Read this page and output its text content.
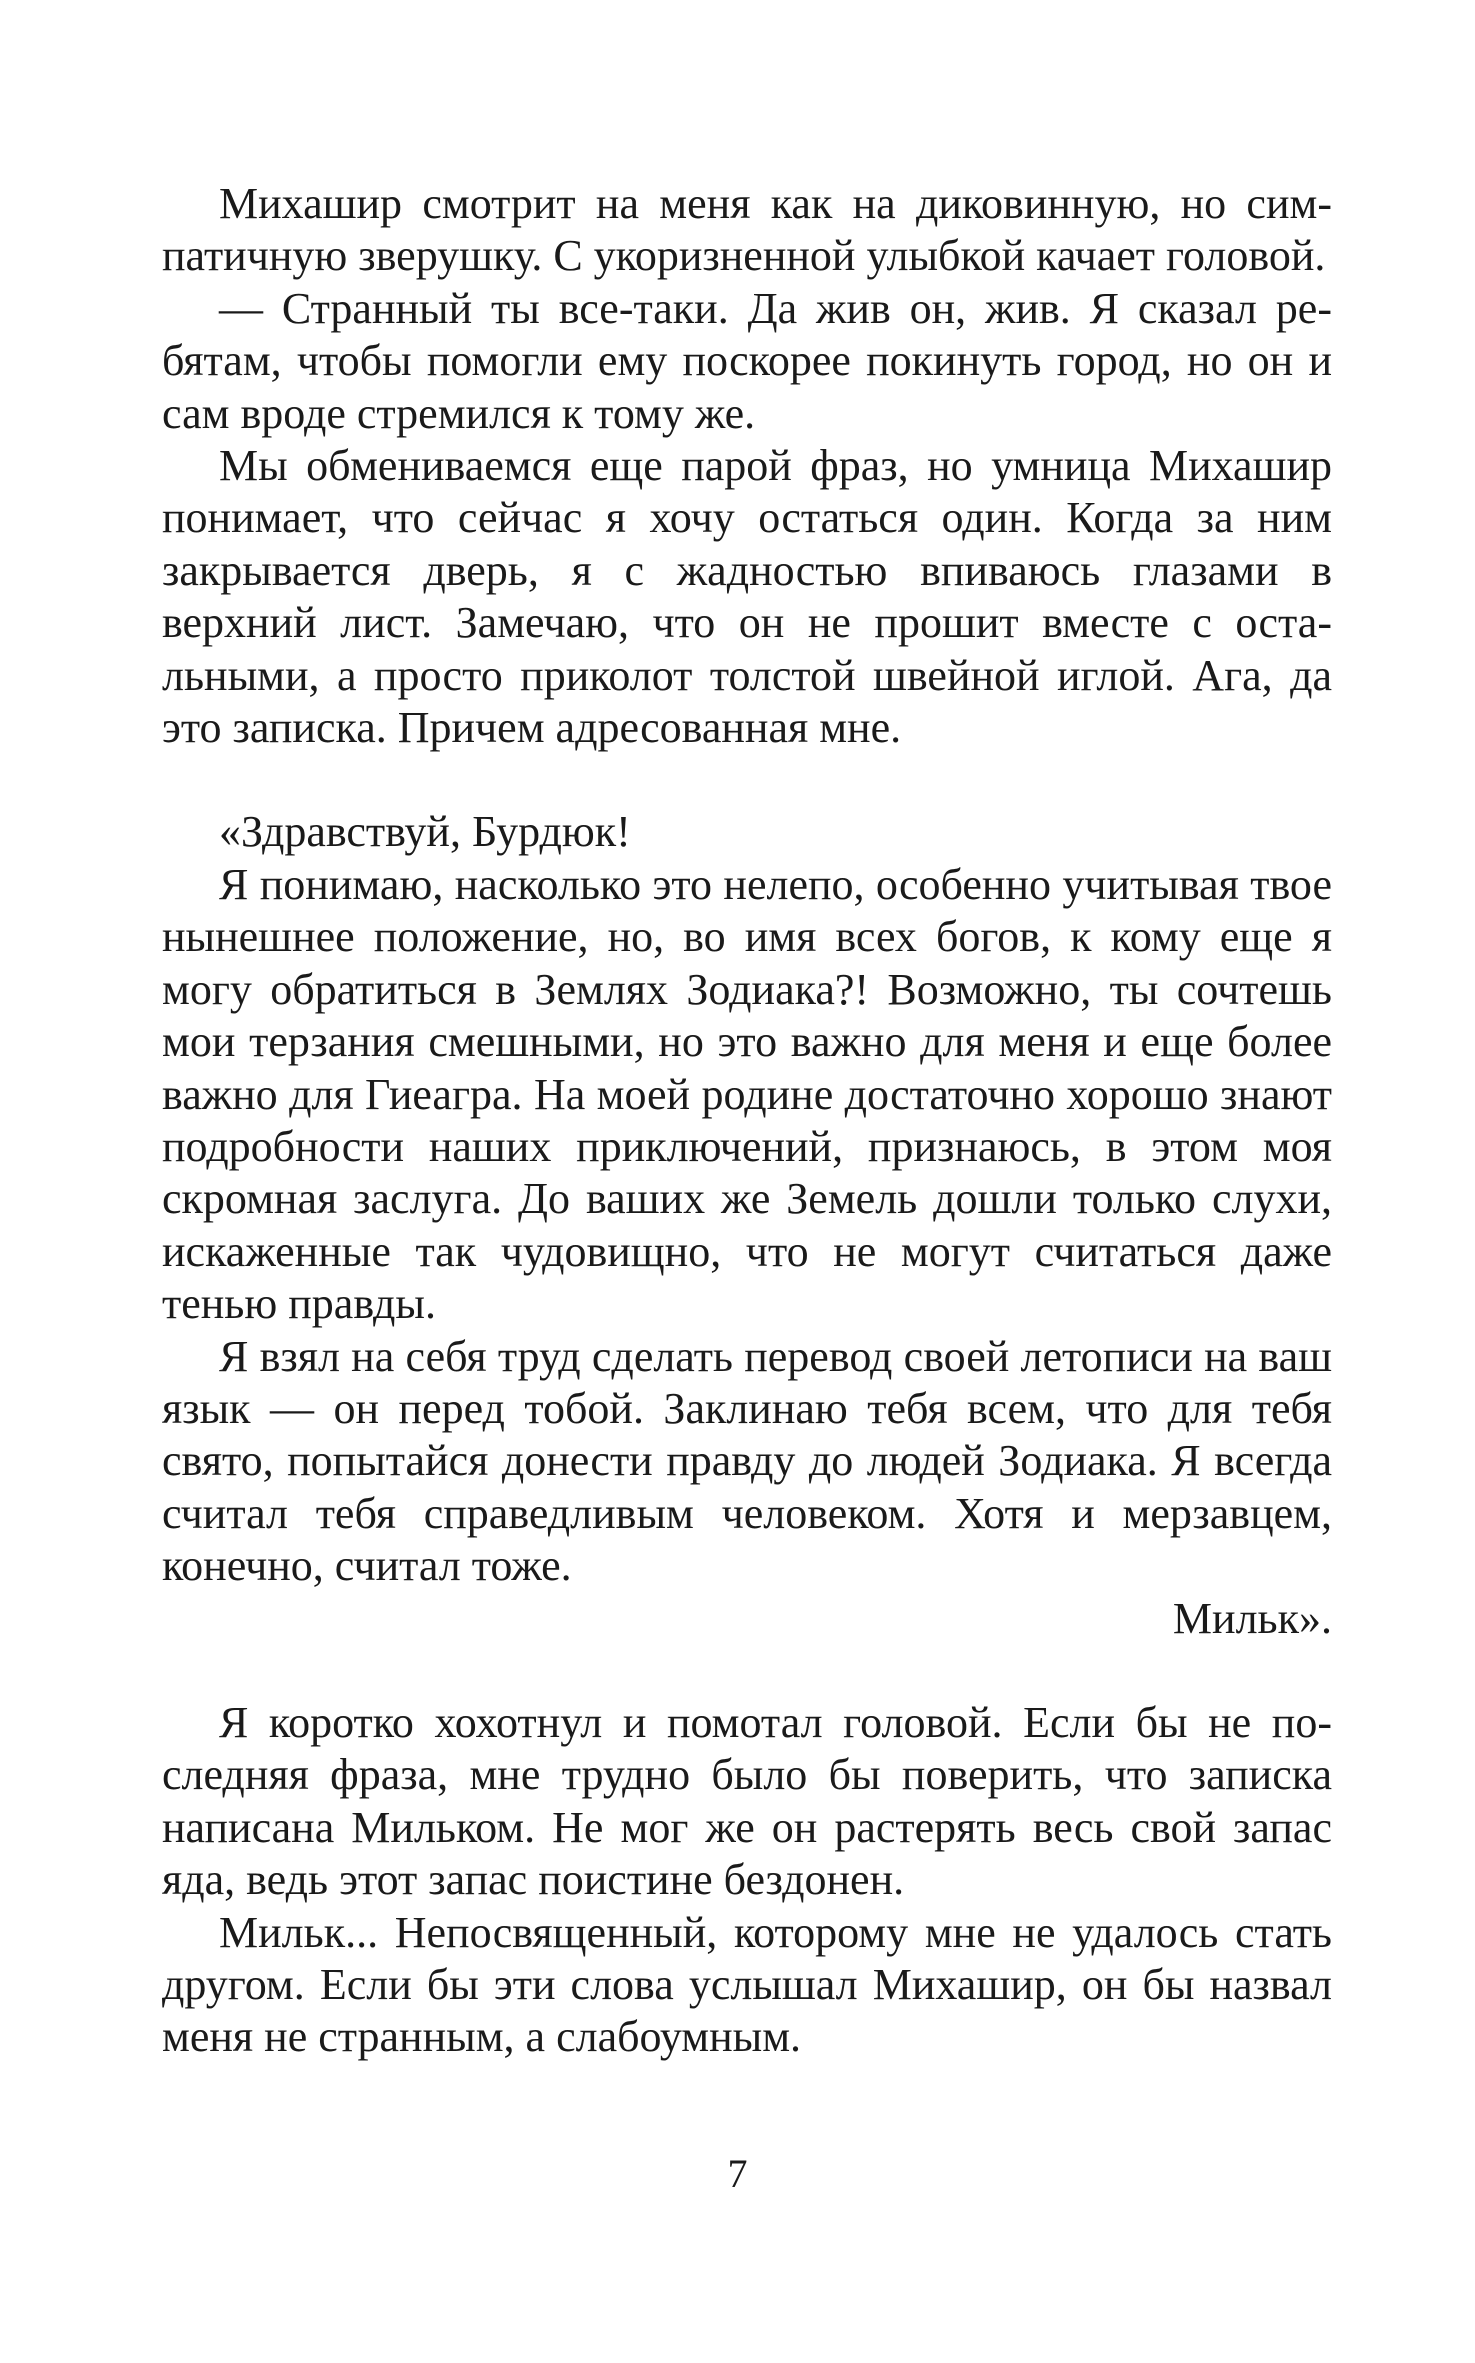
Михашир смотрит на меня как на диковинную, но симпатичную зверушку. С укоризненной улыбкой качает головой.

— Странный ты все-таки. Да жив он, жив. Я сказал ребятам, чтобы помогли ему поскорее покинуть город, но он и сам вроде стремился к тому же.

Мы обмениваемся еще парой фраз, но умница Михашир понимает, что сейчас я хочу остаться один. Когда за ним закрывается дверь, я с жадностью впиваюсь глазами в верхний лист. Замечаю, что он не прошит вместе с остальными, а просто приколот толстой швейной иглой. Ага, да это записка. Причем адресованная мне.

«Здравствуй, Бурдюк!

Я понимаю, насколько это нелепо, особенно учитывая твое нынешнее положение, но, во имя всех богов, к кому еще я могу обратиться в Землях Зодиака?! Возможно, ты сочтешь мои терзания смешными, но это важно для меня и еще более важно для Гиеагра. На моей родине достаточно хорошо знают подробности наших приключений, признаюсь, в этом моя скромная заслуга. До ваших же Земель дошли только слухи, искаженные так чудовищно, что не могут считаться даже тенью правды.

Я взял на себя труд сделать перевод своей летописи на ваш язык — он перед тобой. Заклинаю тебя всем, что для тебя свято, попытайся донести правду до людей Зодиака. Я всегда считал тебя справедливым человеком. Хотя и мерзавцем, конечно, считал тоже.

Мильк».

Я коротко хохотнул и помотал головой. Если бы не последняя фраза, мне трудно было бы поверить, что записка написана Мильком. Не мог же он растерять весь свой запас яда, ведь этот запас поистине бездонен.

Мильк... Непосвященный, которому мне не удалось стать другом. Если бы эти слова услышал Михашир, он бы назвал меня не странным, а слабоумным.

7
